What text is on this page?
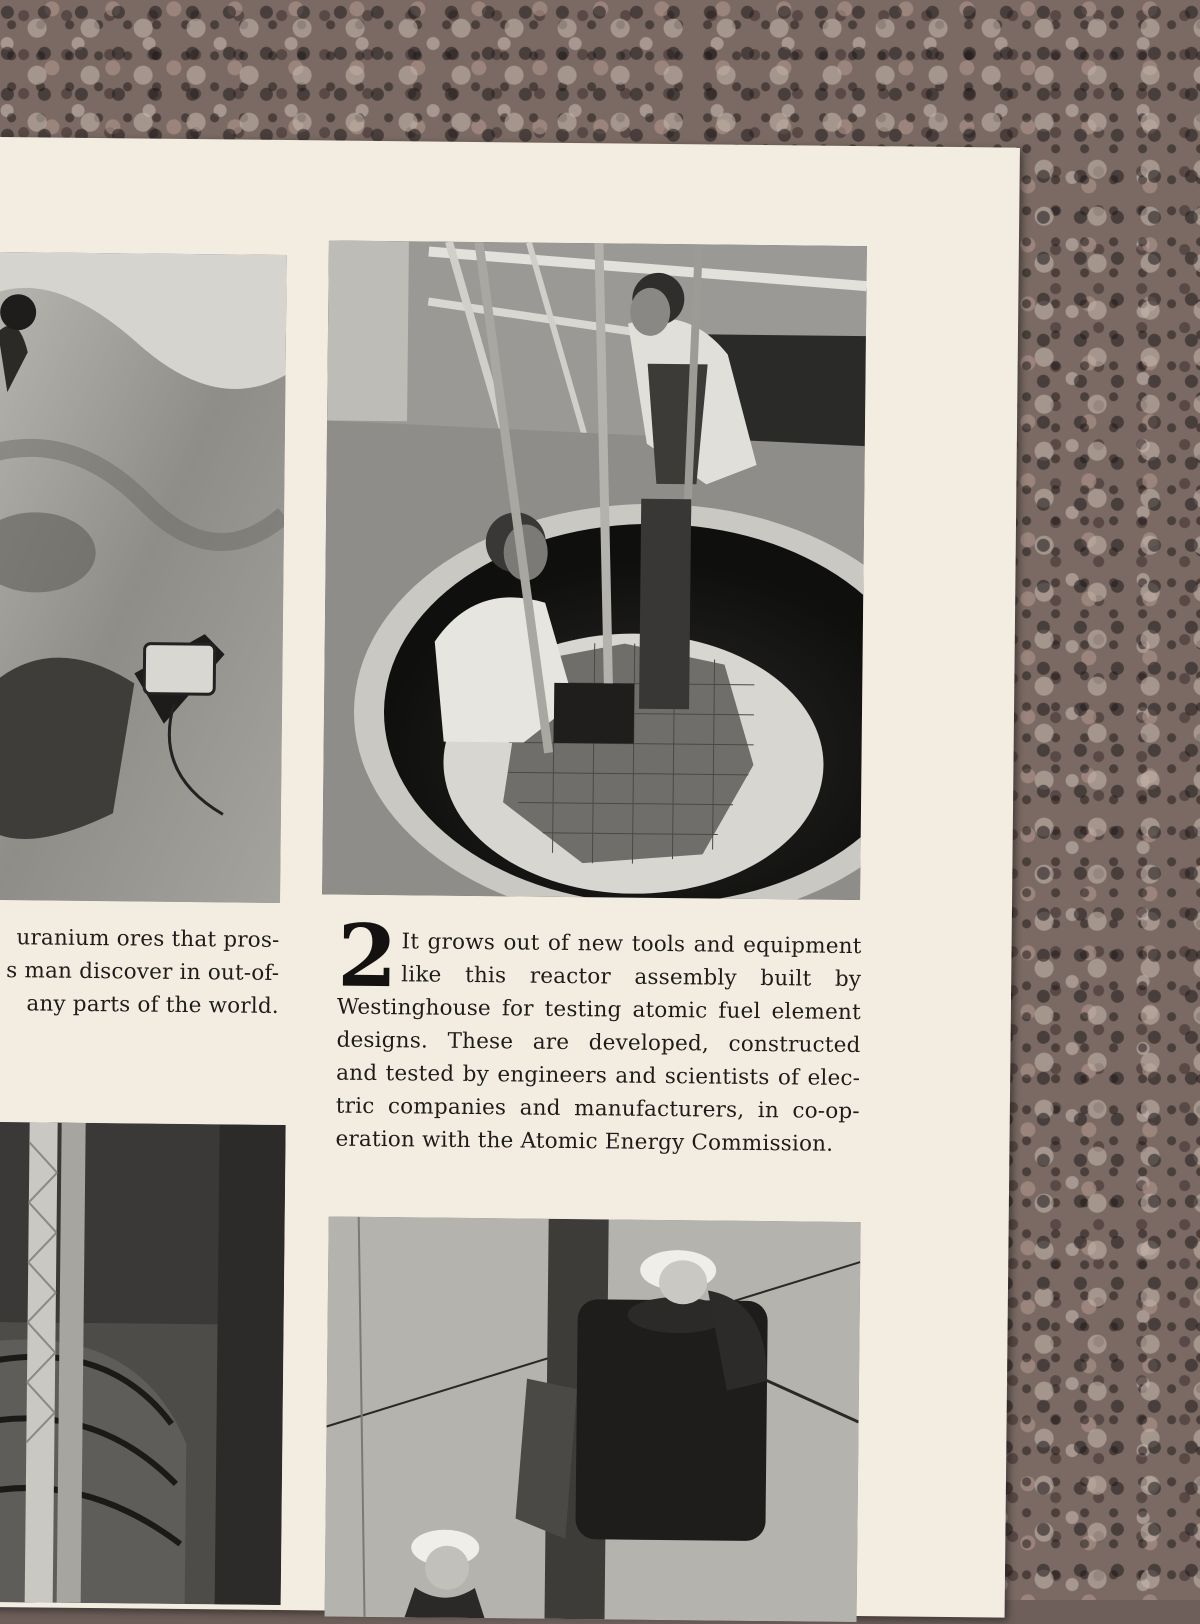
uranium ores that pros-
s man discover in out-of-
any parts of the world. 2 It grows out of new tools and equipment
like this reactor assembly built by
Westinghouse for testing atomic fuel element
designs. These are developed, constructed
and tested by engineers and scientists of elec-
tric companies and manufacturers, in co-op-
eration with the Atomic Energy Commission.
